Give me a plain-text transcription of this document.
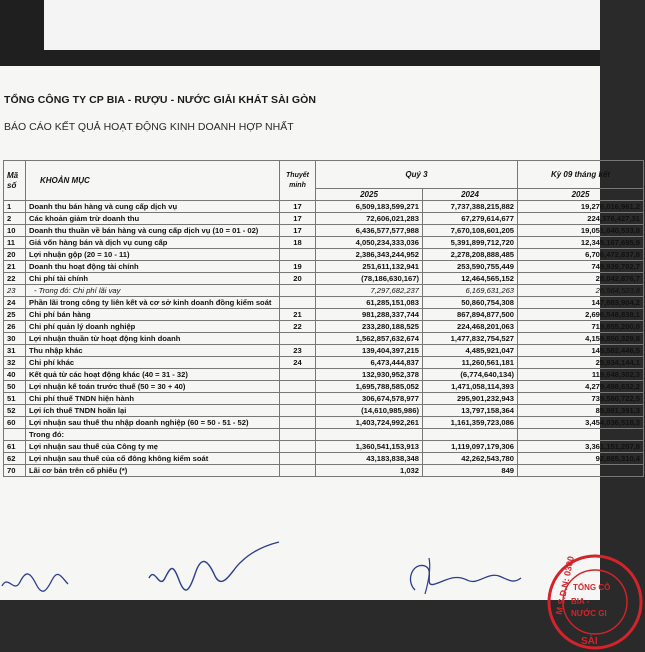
TỔNG CÔNG TY CP BIA - RƯỢU - NƯỚC GIẢI KHÁT SÀI GÒN
BÁO CÁO KẾT QUẢ HOẠT ĐỘNG KINH DOANH HỢP NHẤT
Mã số	KHOẢN MỤC	Thuyết minh	Quý 3		Kỳ 09 tháng kết
			2025	2024	2025
1	Doanh thu bán hàng và cung cấp dịch vụ	17	6,509,183,599,271	7,737,388,215,882	19,276,016,961,2
2	Các khoản giảm trừ doanh thu	17	72,606,021,283	67,279,614,677	224,376,427,31
10	Doanh thu thuần về bán hàng và cung cấp dịch vụ (10 = 01 - 02)	17	6,436,577,577,988	7,670,108,601,205	19,051,640,533,8
11	Giá vốn hàng bán và dịch vụ cung cấp	18	4,050,234,333,036	5,391,899,712,720	12,345,167,695,9
20	Lợi nhuận gộp (20 = 10 - 11)		2,386,343,244,952	2,278,208,888,485	6,706,472,837,8
21	Doanh thu hoạt động tài chính	19	251,611,132,941	253,590,755,449	749,939,702,7
22	Chi phí tài chính	20	(78,186,630,167)	12,464,565,152	28,042,876,7
23	- Trong đó: Chi phí lãi vay		7,297,682,237	6,169,631,263	26,964,523,8
24	Phần lãi trong công ty liên kết và cơ sở kinh doanh đồng kiểm soát		61,285,151,083	50,860,754,308	147,883,904,2
25	Chi phí bán hàng	21	981,288,337,744	867,894,877,500	2,696,548,838,1
26	Chi phí quản lý doanh nghiệp	22	233,280,188,525	224,468,201,063	719,855,200,0
30	Lợi nhuận thuần từ hoạt động kinh doanh		1,562,857,632,674	1,477,832,754,527	4,159,850,329,8
31	Thu nhập khác	23	139,404,397,215	4,485,921,047	145,582,446,5
32	Chi phí khác	24	6,473,444,837	11,260,561,181	25,934,144,1
40	Kết quả từ các hoạt động khác (40 = 31 - 32)		132,930,952,378	(6,774,640,134)	119,648,302,3
50	Lợi nhuận kế toán trước thuế (50 = 30 + 40)		1,695,788,585,052	1,471,058,114,393	4,279,498,632,2
51	Chi phí thuế TNDN hiện hành		306,674,578,977	295,901,232,943	739,580,722,5
52	Lợi ích thuế TNDN hoãn lại		(14,610,985,986)	13,797,158,364	85,881,391,3
60	Lợi nhuận sau thuế thu nhập doanh nghiệp (60 = 50 - 51 - 52)		1,403,724,992,261	1,161,359,723,086	3,454,036,518,3
	Trong đó:				
61	Lợi nhuận sau thuế của Công ty mẹ		1,360,541,153,913	1,119,097,179,306	3,361,151,207,8
62	Lợi nhuận sau thuế của cổ đông không kiểm soát		43,183,838,348	42,262,543,780	92,885,310,4
70	Lãi cơ bản trên cổ phiếu (*)		1,032	849	
M.S.D.N: 0300
TỔNG CÔ
BIA -
NƯỚC GI
SÀI
